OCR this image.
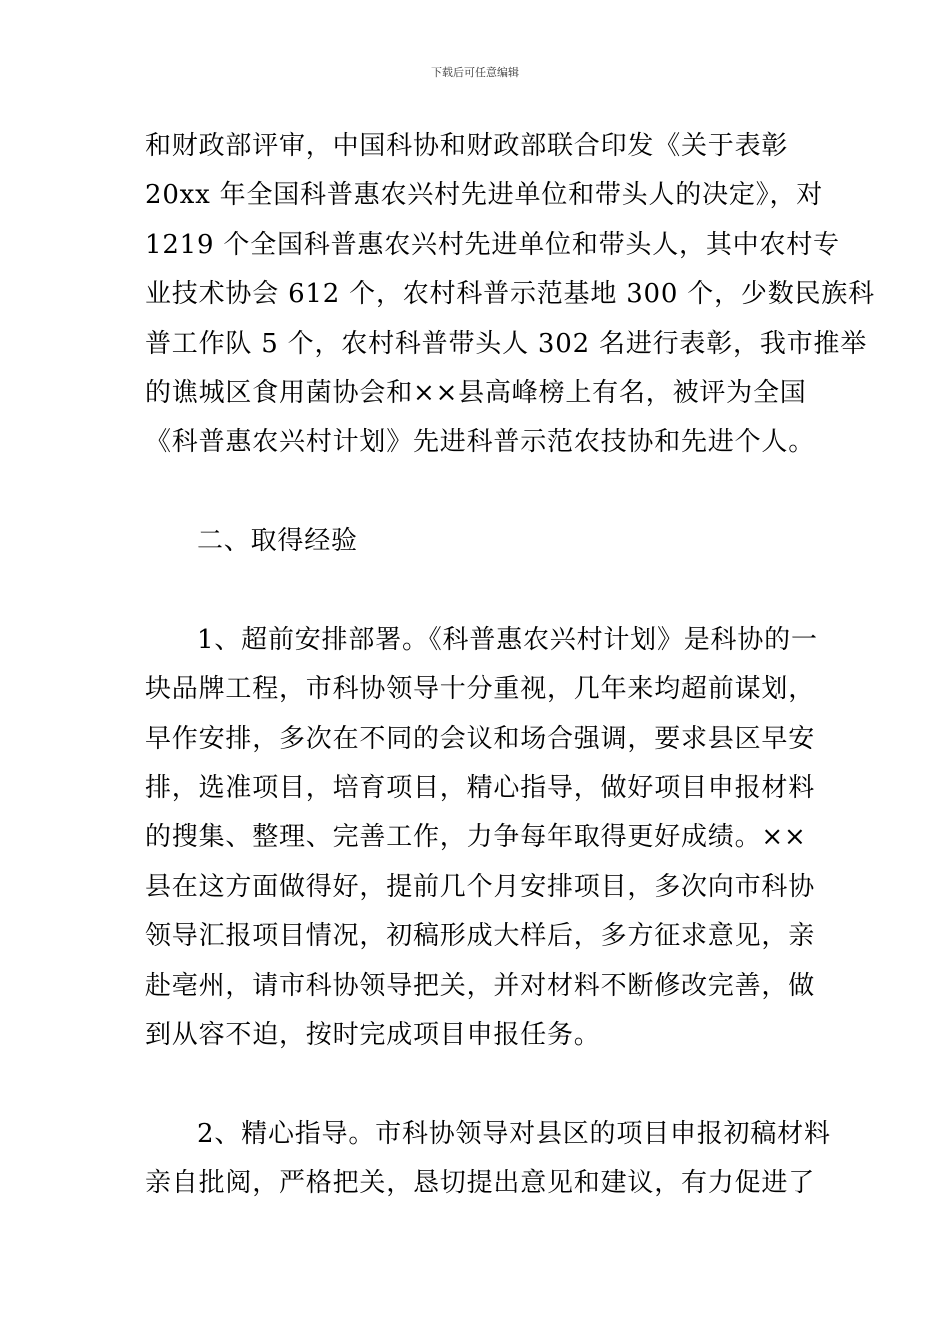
下载后可任意编辑
和财政部评审，中国科协和财政部联合印发《关于表彰
20xx 年全国科普惠农兴村先进单位和带头人的决定》，对
1219 个全国科普惠农兴村先进单位和带头人，其中农村专
业技术协会 612 个，农村科普示范基地 300 个，少数民族科
普工作队 5 个，农村科普带头人 302 名进行表彰，我市推举
的谯城区食用菌协会和××县高峰榜上有名，被评为全国
《科普惠农兴村计划》先进科普示范农技协和先进个人。
二、取得经验
1、超前安排部署。《科普惠农兴村计划》是科协的一
块品牌工程，市科协领导十分重视，几年来均超前谋划，
早作安排，多次在不同的会议和场合强调，要求县区早安
排，选准项目，培育项目，精心指导，做好项目申报材料
的搜集、整理、完善工作，力争每年取得更好成绩。××
县在这方面做得好，提前几个月安排项目，多次向市科协
领导汇报项目情况，初稿形成大样后，多方征求意见，亲
赴亳州，请市科协领导把关，并对材料不断修改完善，做
到从容不迫，按时完成项目申报任务。
2、精心指导。市科协领导对县区的项目申报初稿材料
亲自批阅，严格把关，恳切提出意见和建议，有力促进了
